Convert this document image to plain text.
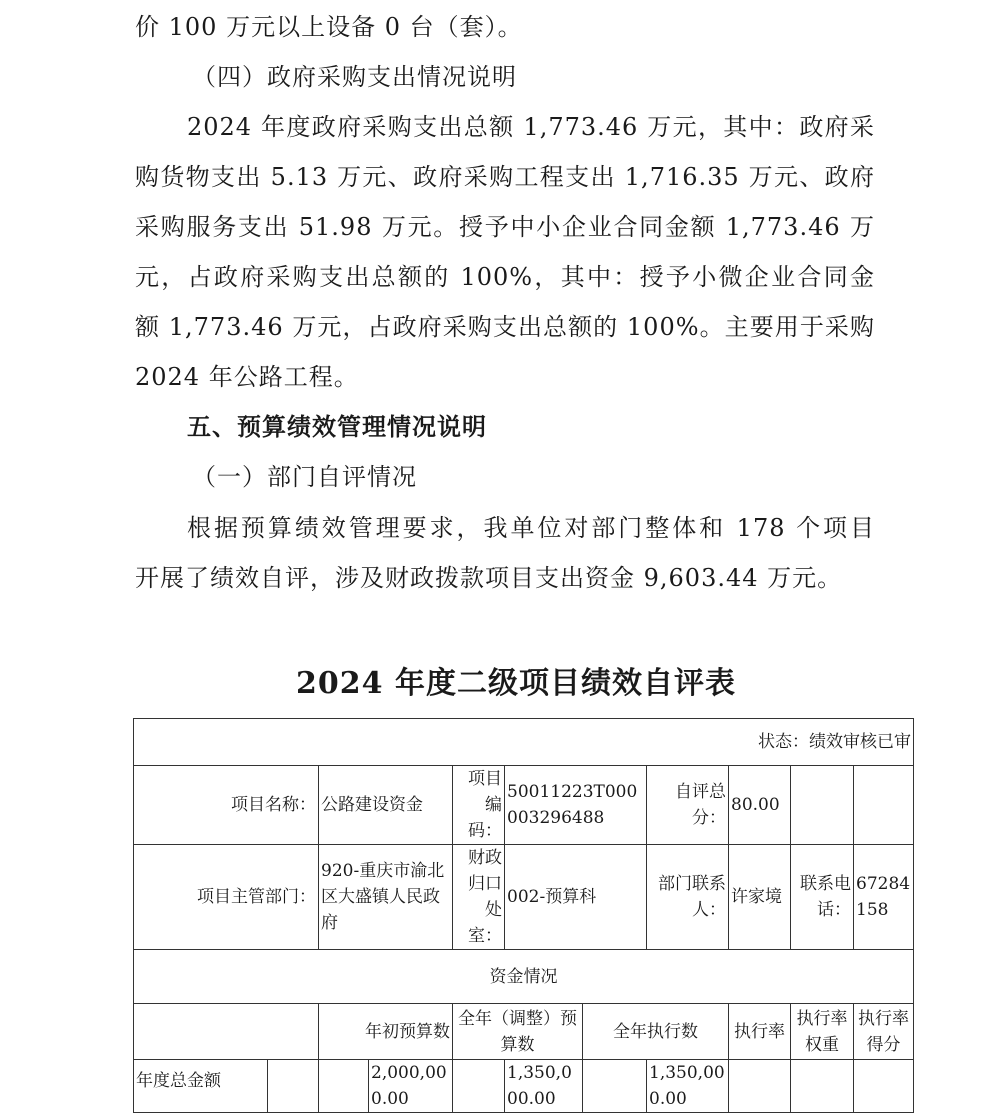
价 100 万元以上设备 0 台（套）。
（四）政府采购支出情况说明
2024 年度政府采购支出总额 1,773.46 万元，其中：政府采
购货物支出 5.13 万元、政府采购工程支出 1,716.35 万元、政府
采购服务支出 51.98 万元。授予中小企业合同金额 1,773.46 万
元，占政府采购支出总额的 100%，其中：授予小微企业合同金
额 1,773.46 万元，占政府采购支出总额的 100%。主要用于采购
2024 年公路工程。
五、预算绩效管理情况说明
（一）部门自评情况
根据预算绩效管理要求，我单位对部门整体和 178 个项目
开展了绩效自评，涉及财政拨款项目支出资金 9,603.44 万元。
2024 年度二级项目绩效自评表
状态：绩效审核已审										
项目名称：		公路建设资金		项目编码：	50011223T000003296488		自评总分：	80.00		
项目主管部门：		920-重庆市渝北区大盛镇人民政府		财政归口处室：	002-预算科		部门联系人：	许家境	联系电话：	67284158
资金情况										
		年初预算数		全年（调整）预算数		全年执行数		执行率	执行率权重	执行率得分
年度总金额			2,000,000.00		1,350,000.00		1,350,000.00			
